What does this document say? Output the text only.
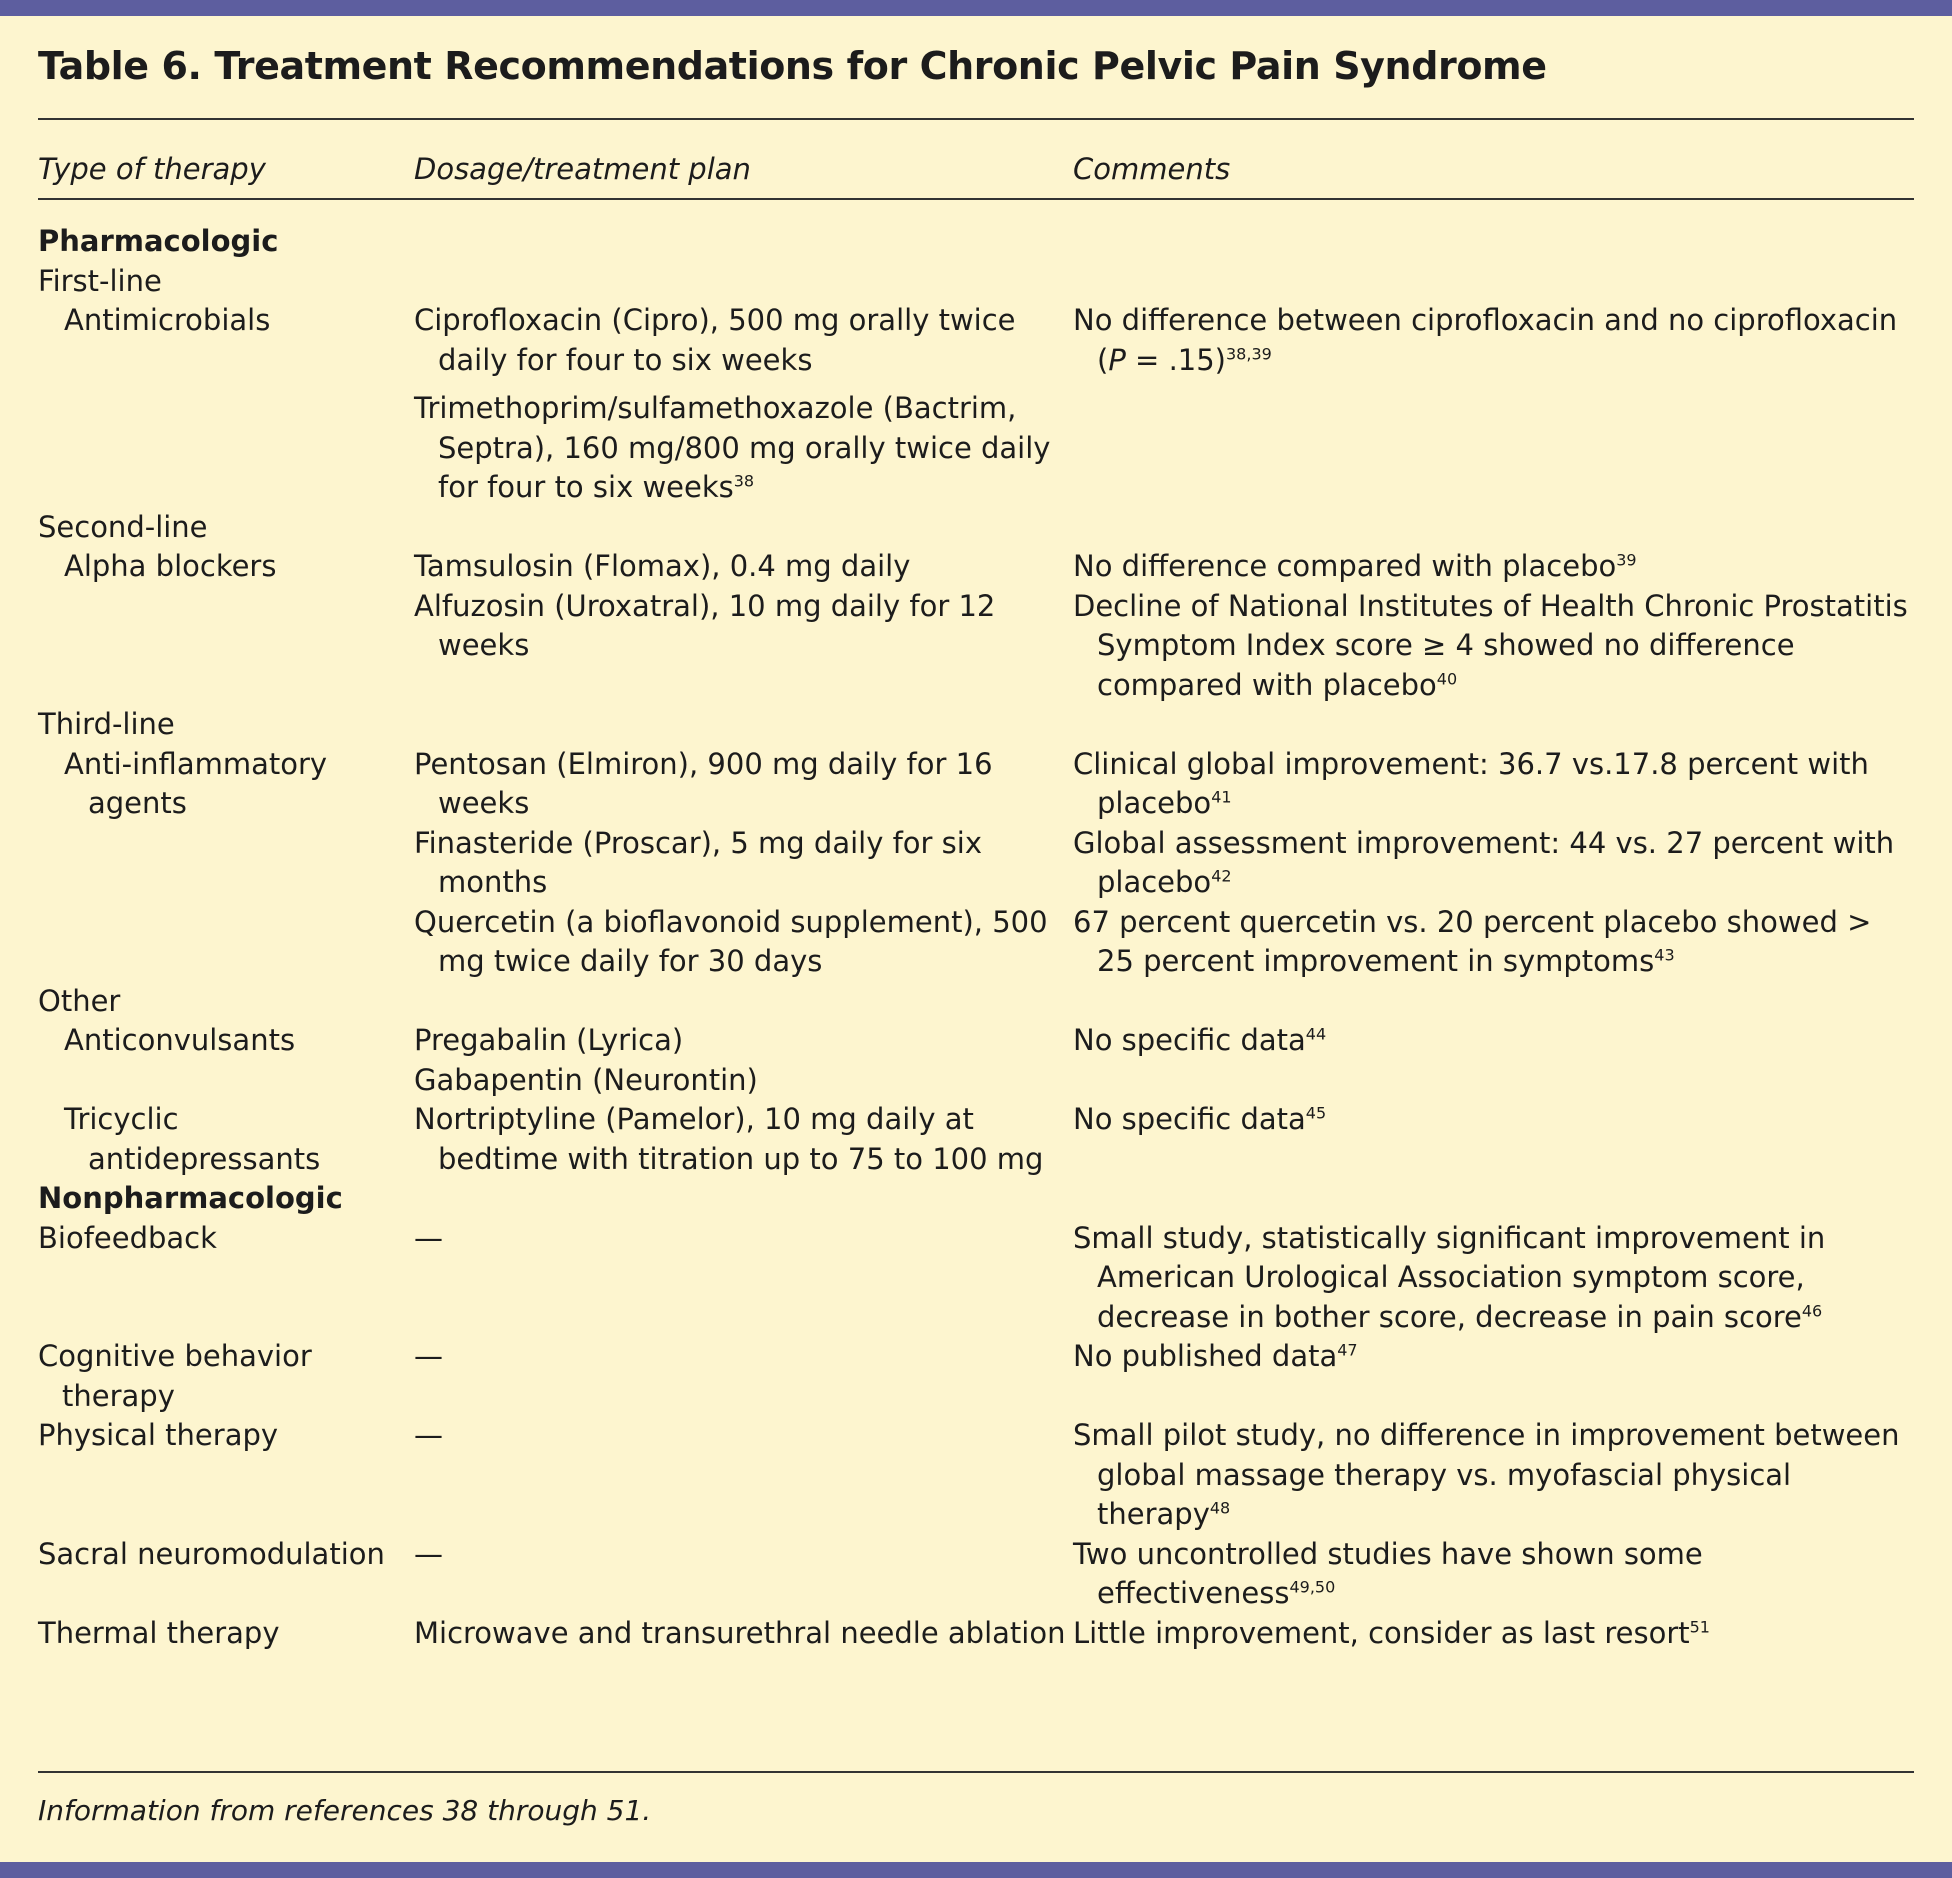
Table 6. Treatment Recommendations for Chronic Pelvic Pain Syndrome
Type of therapy	Dosage/treatment plan	Comments
Pharmacologic		
First-line		
Antimicrobials	Ciprofloxacin (Cipro), 500 mg orally twice daily for four to six weeks	No difference between ciprofloxacin and no ciprofloxacin (P = .15)$^{38,39}$
	Trimethoprim/sulfamethoxazole (Bactrim, Septra), 160 mg/800 mg orally twice daily for four to six weeks$^{38}$	
Second-line		
Alpha blockers	Tamsulosin (Flomax), 0.4 mg daily	No difference compared with placebo$^{39}$
	Alfuzosin (Uroxatral), 10 mg daily for 12 weeks	Decline of National Institutes of Health Chronic Prostatitis Symptom Index score ≥ 4 showed no difference compared with placebo$^{40}$
Third-line		
Anti-inflammatory agents	Pentosan (Elmiron), 900 mg daily for 16 weeks	Clinical global improvement: 36.7 vs.17.8 percent with placebo$^{41}$
	Finasteride (Proscar), 5 mg daily for six months	Global assessment improvement: 44 vs. 27 percent with placebo$^{42}$
	Quercetin (a bioflavonoid supplement), 500 mg twice daily for 30 days	67 percent quercetin vs. 20 percent placebo showed > 25 percent improvement in symptoms$^{43}$
Other		
Anticonvulsants	Pregabalin (Lyrica)	No specific data$^{44}$
	Gabapentin (Neurontin)	
Tricyclic antidepressants	Nortriptyline (Pamelor), 10 mg daily at bedtime with titration up to 75 to 100 mg	No specific data$^{45}$
Nonpharmacologic		
Biofeedback	—	Small study, statistically significant improvement in American Urological Association symptom score, decrease in bother score, decrease in pain score$^{46}$
Cognitive behavior therapy	—	No published data$^{47}$
Physical therapy	—	Small pilot study, no difference in improvement between global massage therapy vs. myofascial physical therapy$^{48}$
Sacral neuromodulation	—	Two uncontrolled studies have shown some effectiveness$^{49,50}$
Thermal therapy	Microwave and transurethral needle ablation	Little improvement, consider as last resort$^{51}$
Information from references 38 through 51.
